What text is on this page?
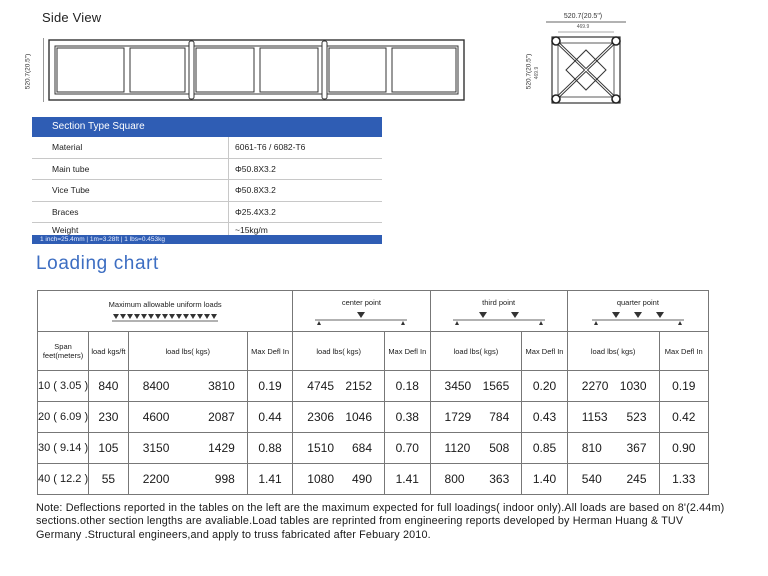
Side View
520.7(20.5")
520.7(20.5")
469.9
520.7(20.5") 469.9
Section Type Square
Material	6061-T6 / 6082-T6
Main tube	Φ50.8X3.2
Vice Tube	Φ50.8X3.2
Braces	Φ25.4X3.2
Weight	~15kg/m
1 inch=25.4mm | 1m=3.28ft | 1 lbs=0.453kg
Loading chart
Maximum allowable uniform loads				center point		third point		quarter point	

Span feet(meters)	load kgs/ft	load lbs( kgs)	Max Defl In	load lbs( kgs)	Max Defl In	load lbs( kgs)	Max Defl In	load lbs( kgs)	Max Defl In
10 ( 3.05 )	840	8400 3810	0.19	4745 2152	0.18	3450 1565	0.20	2270 1030	0.19
20 ( 6.09 )	230	4600 2087	0.44	2306 1046	0.38	1729 784	0.43	1153 523	0.42
30 ( 9.14 )	105	3150 1429	0.88	1510 684	0.70	1120 508	0.85	810 367	0.90
40 ( 12.2 )	55	2200 998	1.41	1080 490	1.41	800 363	1.40	540 245	1.33
Note: Deflections reported in the tables on the left are the maximum expected for full loadings( indoor only).All loads are based on 8'(2.44m) sections.other section lengths are avaliable.Load tables are reprinted from engineering reports developed by Herman Huang & TUV Germany .Structural engineers,and apply to truss fabricated after Febuary 2010.
